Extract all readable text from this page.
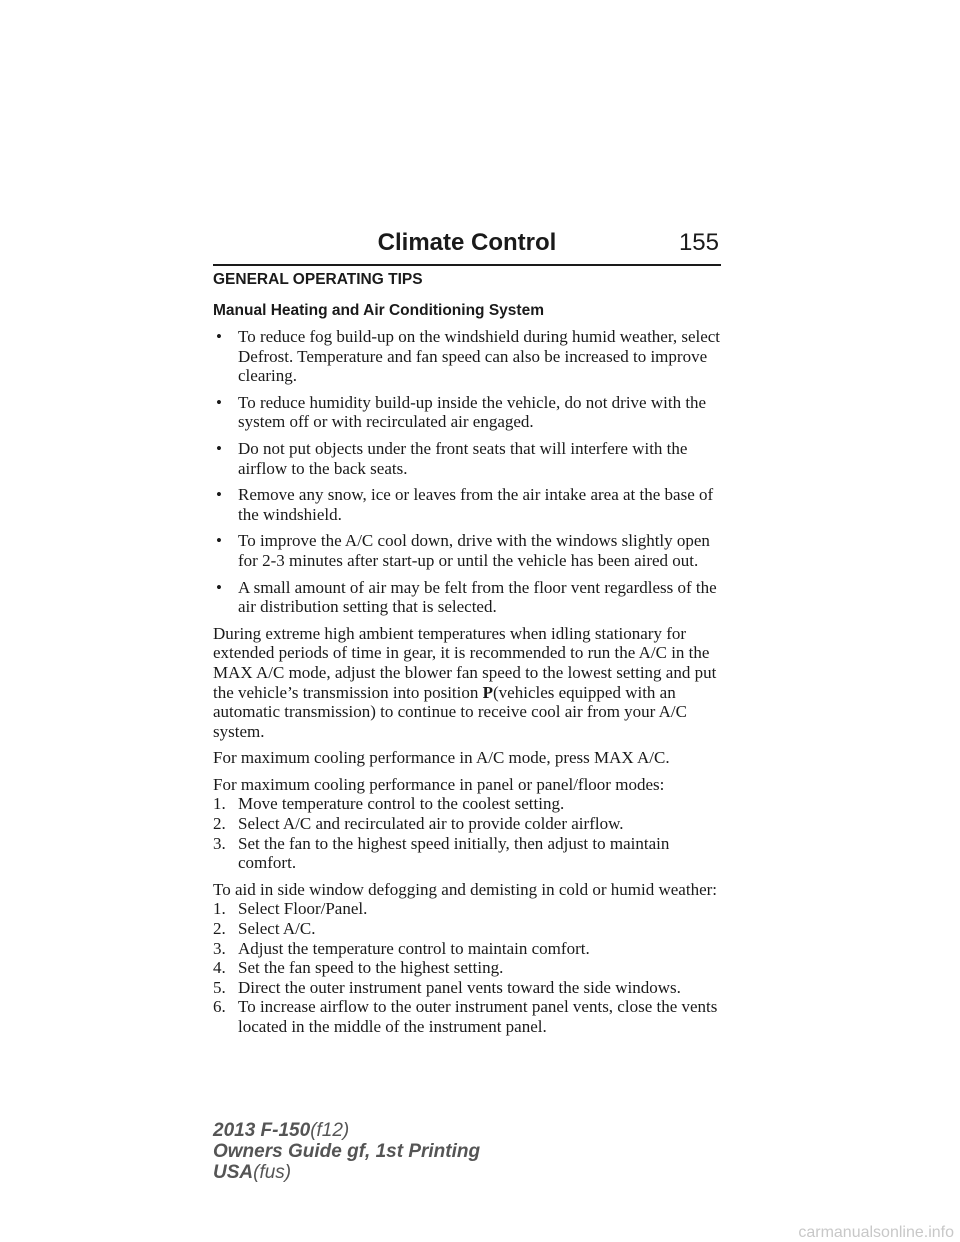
Climate Control	155
GENERAL OPERATING TIPS
Manual Heating and Air Conditioning System
• To reduce fog build-up on the windshield during humid weather, select Defrost. Temperature and fan speed can also be increased to improve clearing.
• To reduce humidity build-up inside the vehicle, do not drive with the system off or with recirculated air engaged.
• Do not put objects under the front seats that will interfere with the airflow to the back seats.
• Remove any snow, ice or leaves from the air intake area at the base of the windshield.
• To improve the A/C cool down, drive with the windows slightly open for 2-3 minutes after start-up or until the vehicle has been aired out.
• A small amount of air may be felt from the floor vent regardless of the air distribution setting that is selected.

During extreme high ambient temperatures when idling stationary for extended periods of time in gear, it is recommended to run the A/C in the MAX A/C mode, adjust the blower fan speed to the lowest setting and put the vehicle’s transmission into position P(vehicles equipped with an automatic transmission) to continue to receive cool air from your A/C system.

For maximum cooling performance in A/C mode, press MAX A/C.

For maximum cooling performance in panel or panel/floor modes:
1. Move temperature control to the coolest setting.
2. Select A/C and recirculated air to provide colder airflow.
3. Set the fan to the highest speed initially, then adjust to maintain comfort.
To aid in side window defogging and demisting in cold or humid weather:
1. Select Floor/Panel.
2. Select A/C.
3. Adjust the temperature control to maintain comfort.
4. Set the fan speed to the highest setting.
5. Direct the outer instrument panel vents toward the side windows.
6. To increase airflow to the outer instrument panel vents, close the vents located in the middle of the instrument panel.
2013 F-150(f12)
Owners Guide gf, 1st Printing
USA(fus)
carmanualsonline.info
